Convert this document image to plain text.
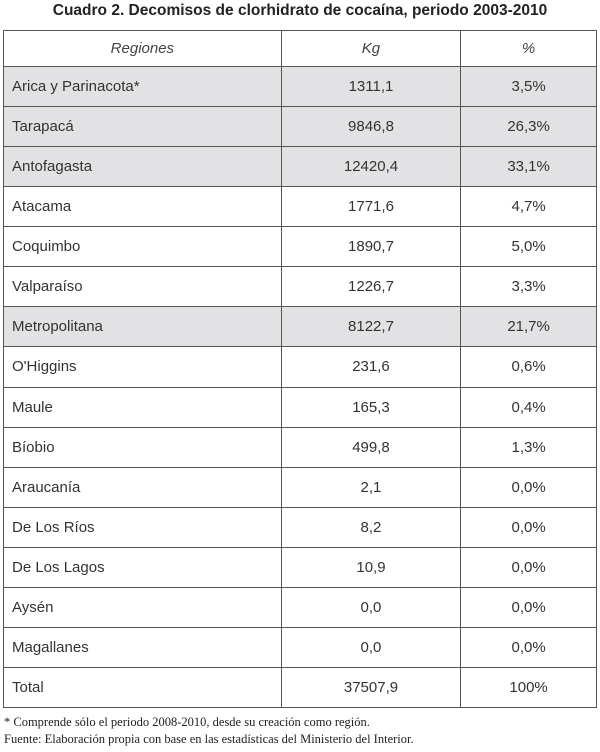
Cuadro 2. Decomisos de clorhidrato de cocaína, periodo 2003-2010
Regiones	Kg	%
Arica y Parinacota*	1311,1	3,5%
Tarapacá	9846,8	26,3%
Antofagasta	12420,4	33,1%
Atacama	1771,6	4,7%
Coquimbo	1890,7	5,0%
Valparaíso	1226,7	3,3%
Metropolitana	8122,7	21,7%
O'Higgins	231,6	0,6%
Maule	165,3	0,4%
Bíobio	499,8	1,3%
Araucanía	2,1	0,0%
De Los Ríos	8,2	0,0%
De Los Lagos	10,9	0,0%
Aysén	0,0	0,0%
Magallanes	0,0	0,0%
Total	37507,9	100%
* Comprende sólo el periodo 2008-2010, desde su creación como región.
Fuente: Elaboración propia con base en las estadísticas del Ministerio del Interior.
